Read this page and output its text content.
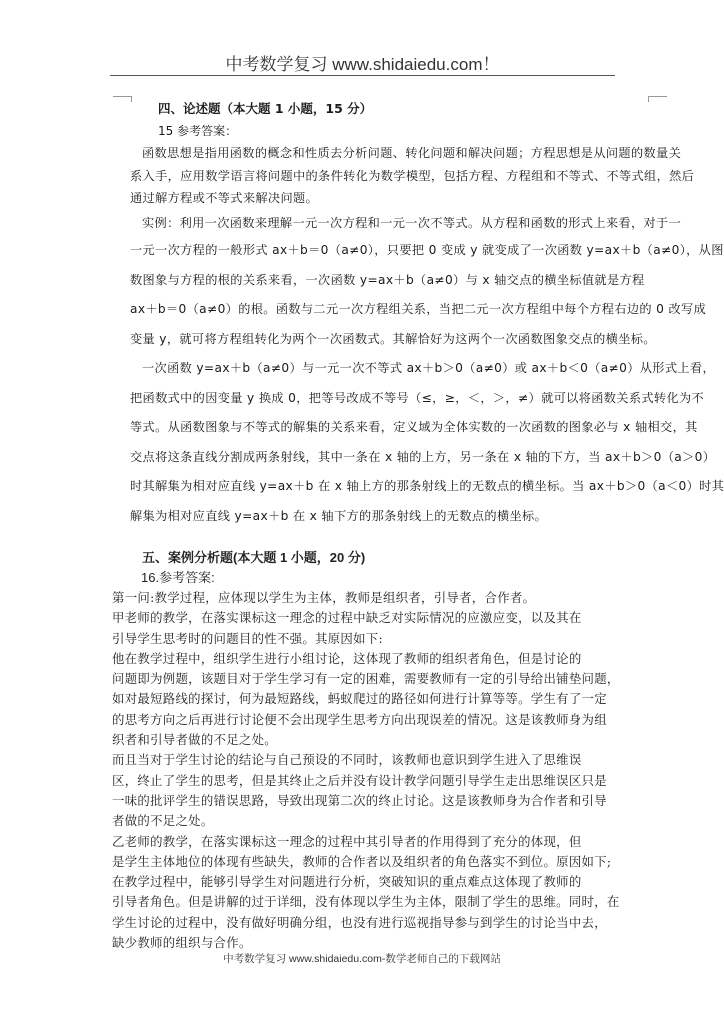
中考数学复习 www.shidaiedu.com！
四、论述题（本大题 1 小题，15 分）
15 参考答案：
函数思想是指用函数的概念和性质去分析问题、转化问题和解决问题；方程思想是从问题的数量关
系入手，应用数学语言将问题中的条件转化为数学模型，包括方程、方程组和不等式、不等式组，然后
通过解方程或不等式来解决问题。
实例：利用一次函数来理解一元一次方程和一元一次不等式。从方程和函数的形式上来看，对于一
一元一次方程的一般形式 ax＋b＝0（a≠0），只要把 0 变成 y 就变成了一次函数 y=ax＋b（a≠0），从图
数图象与方程的根的关系来看，一次函数 y=ax＋b（a≠0）与 x 轴交点的横坐标值就是方程
ax＋b＝0（a≠0）的根。函数与二元一次方程组关系，当把二元一次方程组中每个方程右边的 0 改写成
变量 y，就可将方程组转化为两个一次函数式。其解恰好为这两个一次函数图象交点的横坐标。
一次函数 y=ax＋b（a≠0）与一元一次不等式 ax＋b＞0（a≠0）或 ax＋b＜0（a≠0）从形式上看，
把函数式中的因变量 y 换成 0，把等号改成不等号（≤，≥，＜，＞，≠）就可以将函数关系式转化为不
等式。从函数图象与不等式的解集的关系来看，定义域为全体实数的一次函数的图象必与 x 轴相交，其
交点将这条直线分割成两条射线，其中一条在 x 轴的上方，另一条在 x 轴的下方，当 ax＋b＞0（a＞0）
时其解集为相对应直线 y=ax＋b 在 x 轴上方的那条射线上的无数点的横坐标。当 ax＋b＞0（a＜0）时其
解集为相对应直线 y=ax＋b 在 x 轴下方的那条射线上的无数点的横坐标。
五、案例分析题(本大题 1 小题，20 分)
16.参考答案:
第一问:教学过程，应体现以学生为主体，教师是组织者，引导者，合作者。
甲老师的教学，在落实课标这一理念的过程中缺乏对实际情况的应激应变，以及其在
引导学生思考时的问题目的性不强。其原因如下:
他在教学过程中，组织学生进行小组讨论，这体现了教师的组织者角色，但是讨论的
问题即为例题，该题目对于学生学习有一定的困难，需要教师有一定的引导给出铺垫问题，
如对最短路线的探讨，何为最短路线，蚂蚁爬过的路径如何进行计算等等。学生有了一定
的思考方向之后再进行讨论便不会出现学生思考方向出现误差的情况。这是该教师身为组
织者和引导者做的不足之处。
而且当对于学生讨论的结论与自己预设的不同时，该教师也意识到学生进入了思维误
区，终止了学生的思考，但是其终止之后并没有设计教学问题引导学生走出思维误区只是
一味的批评学生的错误思路，导致出现第二次的终止讨论。这是该教师身为合作者和引导
者做的不足之处。
乙老师的教学，在落实课标这一理念的过程中其引导者的作用得到了充分的体现，但
是学生主体地位的体现有些缺失，教师的合作者以及组织者的角色落实不到位。原因如下;
在教学过程中，能够引导学生对问题进行分析，突破知识的重点难点这体现了教师的
引导者角色。但是讲解的过于详细，没有体现以学生为主体，限制了学生的思维。同时，在
学生讨论的过程中，没有做好明确分组，也没有进行巡视指导参与到学生的讨论当中去，
缺少教师的组织与合作。
中考数学复习 www.shidaiedu.com-数学老师自己的下载网站
